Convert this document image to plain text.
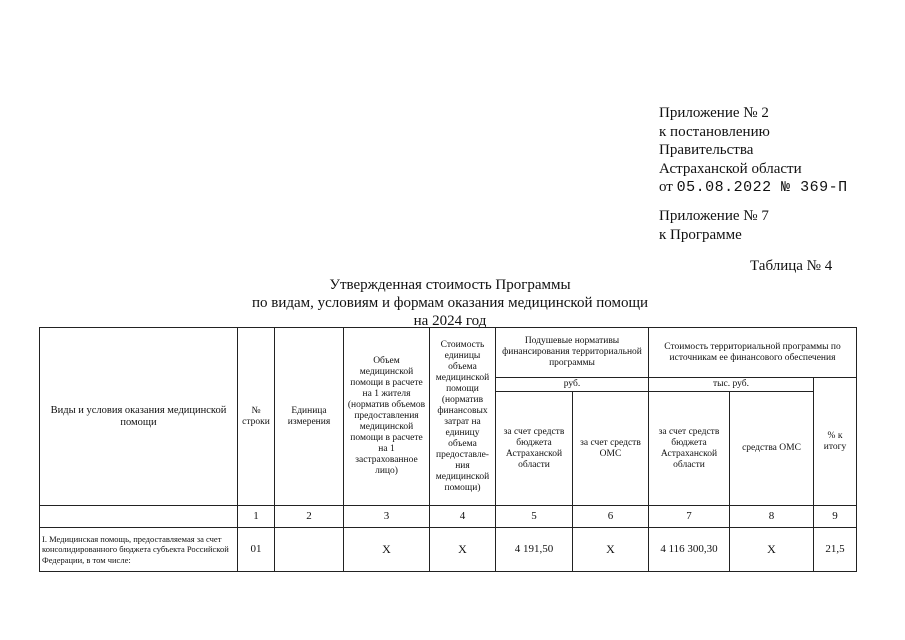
Приложение № 2
к постановлению
Правительства
Астраханской области
от 05.08.2022 № 369-П
Приложение № 7
к Программе
Таблица № 4
Утвержденная стоимость Программы
по видам, условиям и формам оказания медицинской помощи
на 2024 год
Виды и условия оказания медицинской помощи	№ строки	Единица измерения	Объем медицинской помощи в расчете на 1 жителя (норматив объемов предоставления медицинской помощи в расчете на 1 застрахованное лицо)	Стоимость единицы объема медицинской помощи (норматив финансовых затрат на единицу объема предоставле-ния медицинской помощи)	Подушевые нормативы финансирования территориальной программы		Стоимость территориальной программы по источникам ее финансового обеспечения		
					руб.		тыс. руб.		% к итогу
					за счет средств бюджета Астраханской области	за счет средств ОМС	за счет средств бюджета Астраханской области	средства ОМС	
	1	2	3	4	5	6	7	8	9
I. Медицинская помощь, предоставляемая за счет консолидированного бюджета субъекта Российской Федерации, в том числе:	01		X	X	4 191,50	X	4 116 300,30	X	21,5
